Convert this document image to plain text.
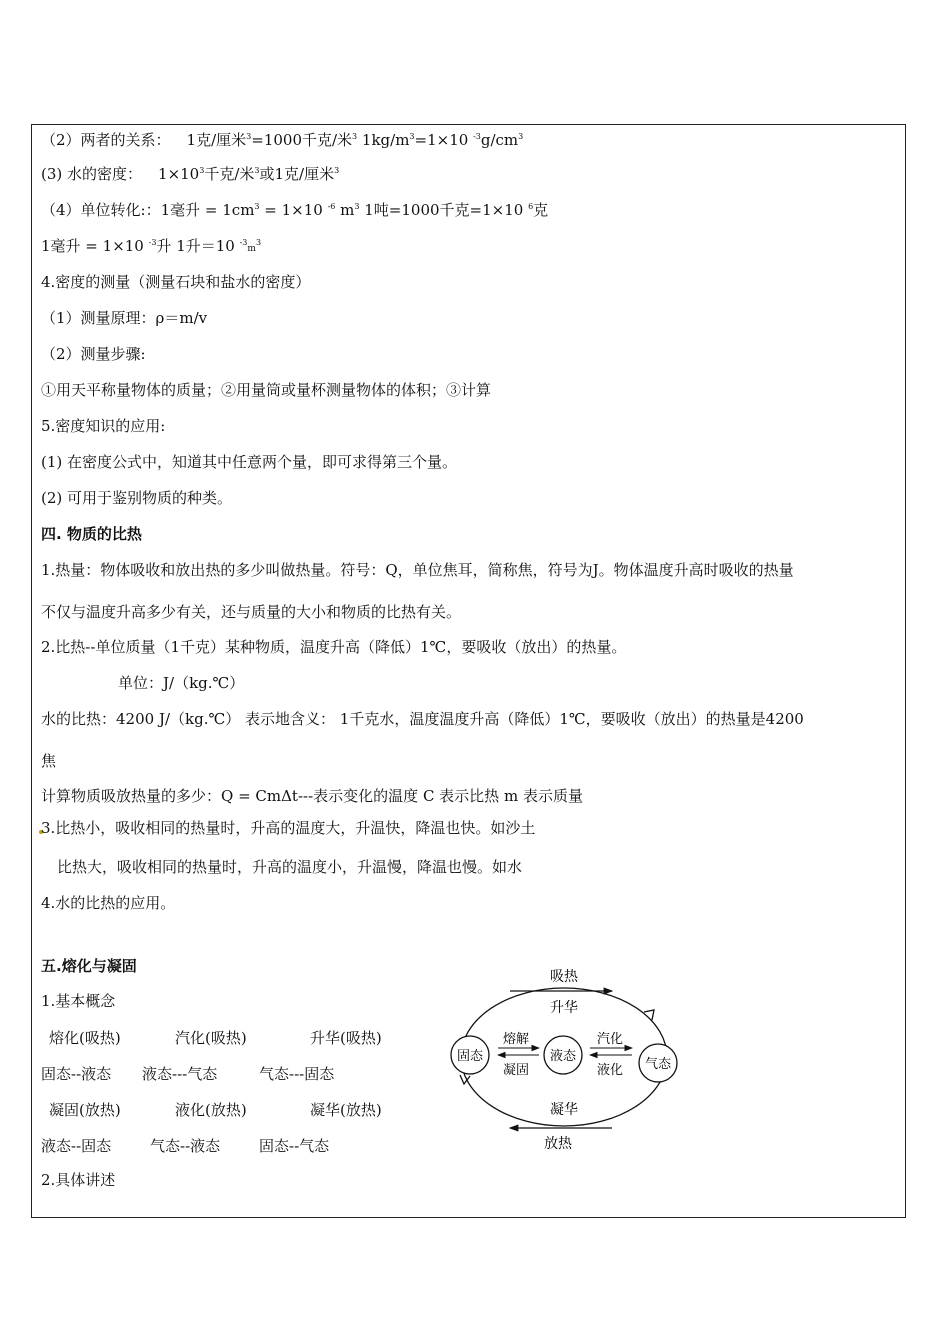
（2）两者的关系： 1克/厘米$^3$=1000千克/米$^3$ $1kg/m^3=1\times 10$ $^{-3}g/cm^3$
(3) 水的密度： $1\times 10^3$千克/米$^3$或1克/厘米$^3$
（4）单位转化:：1毫升 = $1cm^3 = 1\times 10$ $^{-6}$ $m^3$ 1吨=1000千克=1×10 $^6$克
1毫升 = 1×10 $^{-3}$升 1升＝10 $^{-3}m^3$
4.密度的测量（测量石块和盐水的密度）
（1）测量原理：ρ＝m/v
（2）测量步骤:
①用天平称量物体的质量；②用量筒或量杯测量物体的体积；③计算
5.密度知识的应用:
(1) 在密度公式中，知道其中任意两个量，即可求得第三个量。
(2) 可用于鉴别物质的种类。
四. 物质的比热
1.热量：物体吸收和放出热的多少叫做热量。符号：Q，单位焦耳，简称焦，符号为J。物体温度升高时吸收的热量
不仅与温度升高多少有关，还与质量的大小和物质的比热有关。
2.比热--单位质量（1千克）某种物质，温度升高（降低）1℃，要吸收（放出）的热量。
单位：J/（kg.℃）
水的比热：4200 J/（kg.℃） 表示地含义： 1千克水，温度温度升高（降低）1℃，要吸收（放出）的热量是4200
焦
计算物质吸放热量的多少：Q = CmΔt---表示变化的温度 C 表示比热 m 表示质量
3.比热小，吸收相同的热量时，升高的温度大，升温快，降温也快。如沙土
比热大，吸收相同的热量时，升高的温度小，升温慢，降温也慢。如水
4.水的比热的应用。
五.熔化与凝固
1.基本概念
熔化(吸热)	汽化(吸热)	升华(吸热)
固态--液态 液态---气态	气态---固态
凝固(放热)	液化(放热)	凝华(放热)
液态--固态	气态--液态	固态--气态
2.具体讲述
吸热
升华
固态	液态
气态
熔解
凝固
汽化
液化
凝华
放热
